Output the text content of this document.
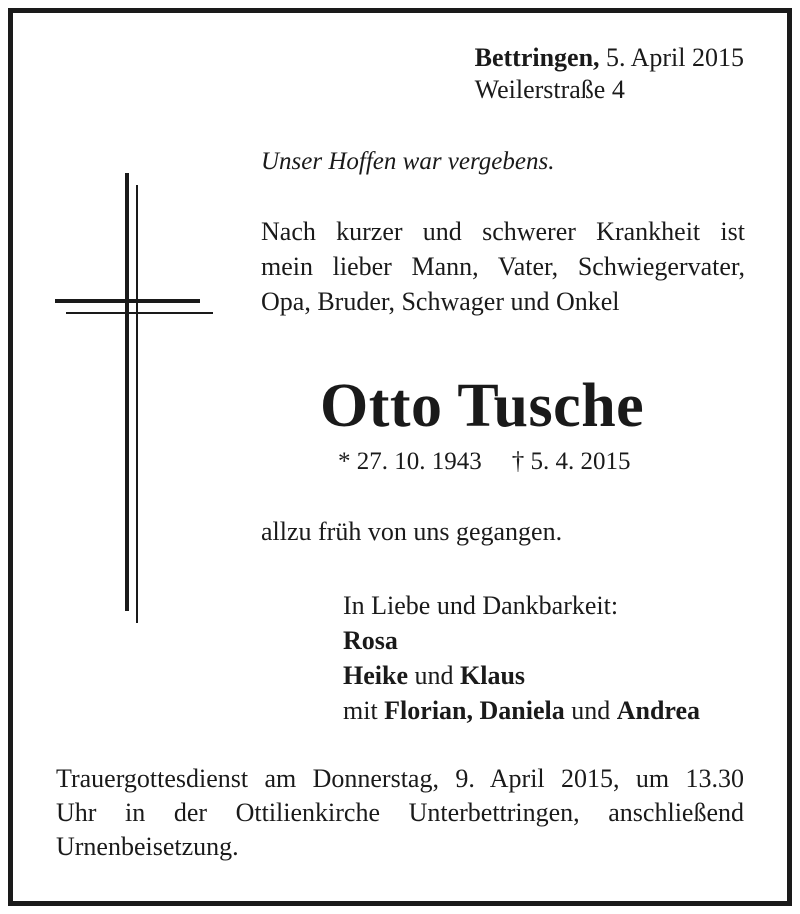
Bettringen, 5. April 2015
Weilerstraße 4
Unser Hoffen war vergebens.
Nach kurzer und schwerer Krankheit ist
mein lieber Mann, Vater, Schwiegervater,
Opa, Bruder, Schwager und Onkel
Otto Tusche
* 27. 10. 1943 † 5. 4. 2015
allzu früh von uns gegangen.
In Liebe und Dankbarkeit:
Rosa
Heike und Klaus
mit Florian, Daniela und Andrea
Trauergottesdienst am Donnerstag, 9. April 2015, um 13.30
Uhr in der Ottilienkirche Unterbettringen, anschließend
Urnenbeisetzung.
